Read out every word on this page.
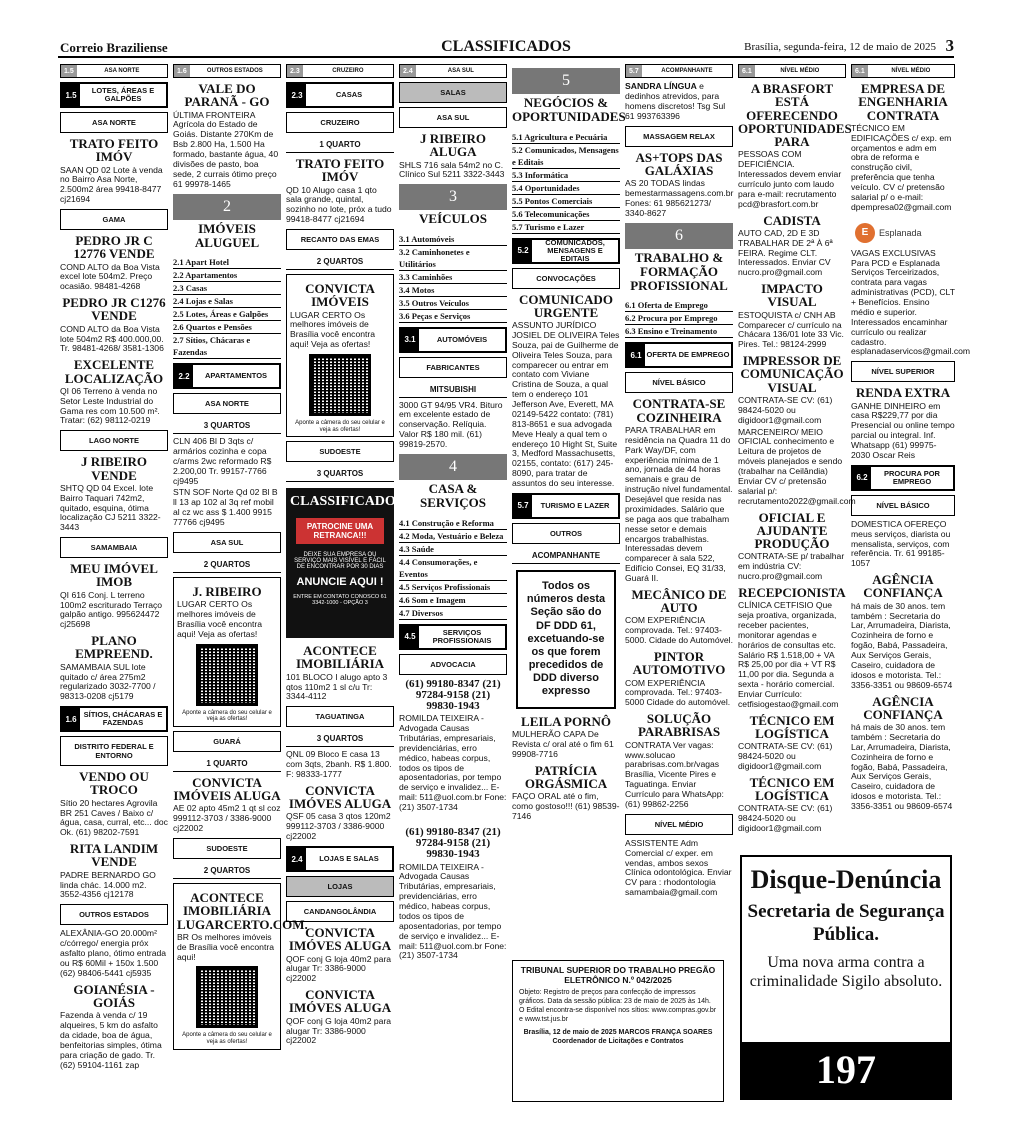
Correio Braziliense	CLASSIFICADOS	Brasília, segunda-feira, 12 de maio de 2025 3
1.5	ASA NORTE
1.5	LOTES, ÁREAS E GALPÕES
ASA NORTE
TRATO FEITO IMÓV

SAAN QD 02 Lote à venda no Bairro Asa Norte, 2.500m2 área 99418-8477 cj21694

GAMA
PEDRO JR C 12776 VENDE

COND ALTO da Boa Vista excel lote 504m2. Preço ocasião. 98481-4268

PEDRO JR C1276 VENDE

COND ALTO da Boa Vista lote 504m2 R$ 400.000,00. Tr. 98481-4268/ 3581-1306

EXCELENTE LOCALIZAÇÃO

QI 06 Terreno à venda no Setor Leste Industrial do Gama res com 10.500 m². Tratar: (62) 98112-0219

LAGO NORTE
J RIBEIRO VENDE

SHTQ QD 04 Excel. lote Bairro Taquari 742m2, quitado, esquina, ótima localização CJ 5211 3322-3443

SAMAMBAIA
MEU IMÓVEL IMOB

QI 616 Conj. L terreno 100m2 escriturado Terraço galpão antigo. 995624472 cj25698

PLANO EMPREEND.

SAMAMBAIA SUL lote quitado c/ área 275m2 regularizado 3032-7700 / 98313-0208 cj5179

1.6 SÍTIOS, CHÁCARAS E FAZENDAS
DISTRITO FEDERAL E ENTORNO
VENDO OU TROCO

Sítio 20 hectares Agrovila BR 251 Caves / Baixo c/água, casa, curral, etc... doc Ok. (61) 98202-7591

RITA LANDIM VENDE

PADRE BERNARDO GO linda chác. 14.000 m2. 3552-4356 cj12178

OUTROS ESTADOS

ALEXÂNIA-GO 20.000m² c/córrego/ energia próx asfalto plano, ótimo entrada ou R$ 60Mil + 150x 1.500 (62) 98406-5441 cj5935

GOIANÉSIA - GOIÁS

Fazenda à venda c/ 19 alqueires, 5 km do asfalto da cidade, boa de água, benfeitorias simples, ótima para criação de gado. Tr. (62) 59104-1161 zap

1.6	OUTROS ESTADOS
VALE DO PARANÃ - GO

ÚLTIMA FRONTEIRA Agrícola do Estado de Goiás. Distante 270Km de Bsb 2.800 Ha, 1.500 Ha formado, bastante água, 40 divisões de pasto, boa sede, 2 currais ótimo preço 61 99978-1465

2
IMÓVEIS ALUGUEL
2.1 Apart Hotel
2.2 Apartamentos
2.3 Casas
2.4 Lojas e Salas
2.5 Lotes, Áreas e Galpões
2.6 Quartos e Pensões
2.7 Sítios, Chácaras e Fazendas
2.2	APARTAMENTOS
ASA NORTE
3 QUARTOS

CLN 406 Bl D 3qts c/ armários cozinha e copa c/arms 2wc reformado R$ 2.200,00 Tr. 99157-7766 cj9495

STN SOF Norte Qd 02 Bl B ll 13 ap 102 al 3q ref mobil al cz wc ass $ 1.400 9915 77766 cj9495

ASA SUL
2 QUARTOS
J. RIBEIRO

LUGAR CERTO Os melhores imóveis de Brasília você encontra aqui! Veja as ofertas!

Aponte a câmera do seu celular e veja as ofertas!
GUARÁ
1 QUARTO
CONVICTA IMÓVEIS ALUGA

AE 02 apto 45m2 1 qt sl coz 999112-3703 / 3386-9000 cj22002

SUDOESTE
2 QUARTOS
ACONTECE IMOBILIÁRIA LUGARCERTO.COM.

BR Os melhores imóveis de Brasília você encontra aqui!

Aponte a câmera do seu celular e veja as ofertas!
2.3	CRUZEIRO
2.3	CASAS
CRUZEIRO
1 QUARTO
TRATO FEITO IMÓV

QD 10 Alugo casa 1 qto sala grande, quintal, sozinho no lote, próx a tudo 99418-8477 cj21694

RECANTO DAS EMAS
2 QUARTOS
CONVICTA IMÓVEIS

LUGAR CERTO Os melhores imóveis de Brasília você encontra aqui! Veja as ofertas!

Aponte a câmera do seu celular e veja as ofertas!
SUDOESTE
3 QUARTOS
CLASSIFICADOS
PATROCINE UMA RETRANCA!!!
DEIXE SUA EMPRESA OU SERVIÇO MAIS VISÍVEL E FÁCIL DE ENCONTRAR POR 30 DIAS
ANUNCIE AQUI !
ENTRE EM CONTATO CONOSCO 61 3342-1000 - OPÇÃO 3
ACONTECE IMOBILIÁRIA

101 BLOCO I alugo apto 3 qtos 110m2 1 sl c/u Tr: 3344-4112

TAGUATINGA
3 QUARTOS

QNL 09 Bloco E casa 13 com 3qts, 2banh. R$ 1.800. F: 98333-1777

CONVICTA IMÓVES ALUGA

QSF 05 casa 3 qtos 120m2 999112-3703 / 3386-9000 cj22002

2.4	LOJAS E SALAS
LOJAS
CANDANGOLÂNDIA
CONVICTA IMÓVES ALUGA

QOF conj G loja 40m2 para alugar Tr: 3386-9000 cj22002

CONVICTA IMÓVES ALUGA

QOF conj G loja 40m2 para alugar Tr: 3386-9000 cj22002

2.4	ASA SUL
SALAS
ASA SUL
J RIBEIRO ALUGA

SHLS 716 sala 54m2 no C. Clínico Sul 5211 3322-3443

3
VEÍCULOS
3.1 Automóveis
3.2 Caminhonetes e Utilitários
3.3 Caminhões
3.4 Motos
3.5 Outros Veículos
3.6 Peças e Serviços
3.1	AUTOMÓVEIS
FABRICANTES
MITSUBISHI

3000 GT 94/95 VR4. Bituro em excelente estado de conservação. Relíquia. Valor R$ 180 mil. (61) 99819-2570.

4
CASA & SERVIÇOS
4.1 Construção e Reforma
4.2 Moda, Vestuário e Beleza
4.3 Saúde
4.4 Consumorações, e Eventos
4.5 Serviços Profissionais
4.6 Som e Imagem
4.7 Diversos
4.5	SERVIÇOS PROFISSIONAIS
ADVOCACIA
(61) 99180-8347 (21) 97284-9158 (21) 99830-1943

ROMILDA TEIXEIRA - Advogada Causas Tributárias, empresariais, previdenciárias, erro médico, habeas corpus, todos os tipos de aposentadorias, por tempo de serviço e invalidez... E-mail: 511@uol.com.br Fone: (21) 3507-1734

(61) 99180-8347 (21) 97284-9158 (21) 99830-1943

ROMILDA TEIXEIRA - Advogada Causas Tributárias, empresariais, previdenciárias, erro médico, habeas corpus, todos os tipos de aposentadorias, por tempo de serviço e invalidez... E-mail: 511@uol.com.br Fone: (21) 3507-1734

5
NEGÓCIOS & OPORTUNIDADES
5.1 Agricultura e Pecuária
5.2 Comunicados, Mensagens e Editais
5.3 Informática
5.4 Oportunidades
5.5 Pontos Comerciais
5.6 Telecomunicações
5.7 Turismo e Lazer
5.2
COMUNICADOS, MENSAGENS E EDITAIS
CONVOCAÇÕES
COMUNICADO URGENTE

ASSUNTO JURÍDICO JOSIEL DE OLIVEIRA Teles Souza, pai de Guilherme de Oliveira Teles Souza, para comparecer ou entrar em contato com Viviane Cristina de Souza, a qual tem o endereço 101 Jefferson Ave, Everett, MA 02149-5422 contato: (781) 813-8651 e sua advogada Meve Healy a qual tem o endereço 10 Hight St, Suite 3, Medford Massachusetts, 02155, contato: (617) 245-8090, para tratar de assuntos do seu interesse.

5.7	TURISMO E LAZER
OUTROS
ACOMPANHANTE
Todos os números desta Seção são do DF DDD 61,
excetuando-se os que forem precedidos de DDD diverso expresso
LEILA PORNÔ

MULHERÃO CAPA De Revista c/ oral até o fim 61 99908-7716

PATRÍCIA ORGÁSMICA

FAÇO ORAL até o fim, como gostoso!!! (61) 98539-7146

5.7	ACOMPANHANTE

SANDRA LÍNGUA e dedinhos atrevidos, para homens discretos! Tsg Sul 61 993763396

MASSAGEM RELAX
AS+TOPS DAS GALÁXIAS

AS 20 TODAS lindas bemestarmassagens.com.br Fones: 61 985621273/ 3340-8627

6
TRABALHO & FORMAÇÃO PROFISSIONAL
6.1 Oferta de Emprego
6.2 Procura por Emprego
6.3 Ensino e Treinamento
6.1 OFERTA DE EMPREGO
NÍVEL BÁSICO
CONTRATA-SE COZINHEIRA

PARA TRABALHAR em residência na Quadra 11 do Park Way/DF, com experiência mínima de 1 ano, jornada de 44 horas semanais e grau de instrução nível fundamental. Desejável que resida nas proximidades. Salário que se paga aos que trabalham nesse setor e demais encargos trabalhistas. Interessadas devem comparecer à sala 522, Edifício Consei, EQ 31/33, Guará II.

MECÂNICO DE AUTO

COM EXPERIÊNCIA comprovada. Tel.: 97403-5000. Cidade do Automóvel.

PINTOR AUTOMOTIVO

COM EXPERIÊNCIA comprovada. Tel.: 97403-5000 Cidade do automóvel.

SOLUÇÃO PARABRISAS

CONTRATA Ver vagas: www.solucao parabrisas.com.br/vagas Brasília, Vicente Pires e Taguatinga. Enviar Currículo para WhatsApp: (61) 99862-2256

NÍVEL MÉDIO

ASSISTENTE Adm Comercial c/ exper. em vendas, ambos sexos Clínica odontológica. Enviar CV para : rhodontologia samambaia@gmail.com

TRIBUNAL SUPERIOR DO TRABALHO PREGÃO ELETRÔNICO N.º 042/2025
Objeto: Registro de preços para confecção de impressos gráficos. Data da sessão pública: 23 de maio de 2025 às 14h. O Edital encontra-se disponível nos sítios: www.compras.gov.br e www.tst.jus.br
Brasília, 12 de maio de 2025 MARCOS FRANÇA SOARES Coordenador de Licitações e Contratos
6.1	NÍVEL MÉDIO
A BRASFORT ESTÁ OFERECENDO OPORTUNIDADES PARA

PESSOAS COM DEFICIÊNCIA. Interessados devem enviar currículo junto com laudo para e-mail: recrutamento pcd@brasfort.com.br

CADISTA

AUTO CAD, 2D E 3D TRABALHAR DE 2ª À 6ª FEIRA. Regime CLT. Interessados. Enviar CV nucro.pro@gmail.com

IMPACTO VISUAL

ESTOQUISTA c/ CNH AB Comparecer c/ currículo na Chácara 136/01 lote 33 Vic. Pires. Tel.: 98124-2999

IMPRESSOR DE COMUNICAÇÃO VISUAL

CONTRATA-SE CV: (61) 98424-5020 ou digidoor1@gmail.com

MARCENEIRO/ MEIO OFICIAL conhecimento e Leitura de projetos de móveis planejados e sendo (trabalhar na Ceilândia) Enviar CV c/ pretensão salarial p/: recrutamento2022@gmail.com

OFICIAL E AJUDANTE PRODUÇÃO

CONTRATA-SE p/ trabalhar em indústria CV: nucro.pro@gmail.com

RECEPCIONISTA

CLÍNICA CETFISIO Que seja proativa, organizada, receber pacientes, monitorar agendas e horários de consultas etc. Salário R$ 1.518,00 + VA R$ 25,00 por dia + VT R$ 11,00 por dia. Segunda a sexta - horário comercial. Enviar Currículo: cetfisiogestao@gmail.com

TÉCNICO EM LOGÍSTICA

CONTRATA-SE CV: (61) 98424-5020 ou digidoor1@gmail.com

TÉCNICO EM LOGÍSTICA

CONTRATA-SE CV: (61) 98424-5020 ou digidoor1@gmail.com

6.1	NÍVEL MÉDIO
EMPRESA DE ENGENHARIA CONTRATA

TÉCNICO EM EDIFICAÇÕES c/ exp. em orçamentos e adm em obra de reforma e construção civil, preferência que tenha veículo. CV c/ pretensão salarial p/ o e-mail: dpempresa02@gmail.com

E	Esplanada

VAGAS EXCLUSIVAS Para PCD e Esplanada Serviços Terceirizados, contrata para vagas administrativas (PCD), CLT + Benefícios. Ensino médio e superior. Interessados encaminhar currículo ou realizar cadastro. esplanadaservicos@gmail.com

NÍVEL SUPERIOR
RENDA EXTRA

GANHE DINHEIRO em casa R$229,77 por dia Presencial ou online tempo parcial ou integral. Inf. Whatsapp (61) 99975-2030 Oscar Reis

6.2	PROCURA POR EMPREGO
NÍVEL BÁSICO

DOMESTICA OFEREÇO meus serviços, diarista ou mensalista, serviços, com referência. Tr. 61 99185-1057

AGÊNCIA CONFIANÇA

há mais de 30 anos. tem também : Secretaria do Lar, Arrumadeira, Diarista, Cozinheira de forno e fogão, Babá, Passadeira, Aux Serviços Gerais, Caseiro, cuidadora de idosos e motorista. Tel.: 3356-3351 ou 98609-6574

AGÊNCIA CONFIANÇA

há mais de 30 anos. tem também : Secretaria do Lar, Arrumadeira, Diarista, Cozinheira de forno e fogão, Babá, Passadeira, Aux Serviços Gerais, Caseiro, cuidadora de idosos e motorista. Tel.: 3356-3351 ou 98609-6574

Disque-Denúncia
Secretaria de Segurança Pública.
Uma nova arma contra a criminalidade Sigilo absoluto.
197
